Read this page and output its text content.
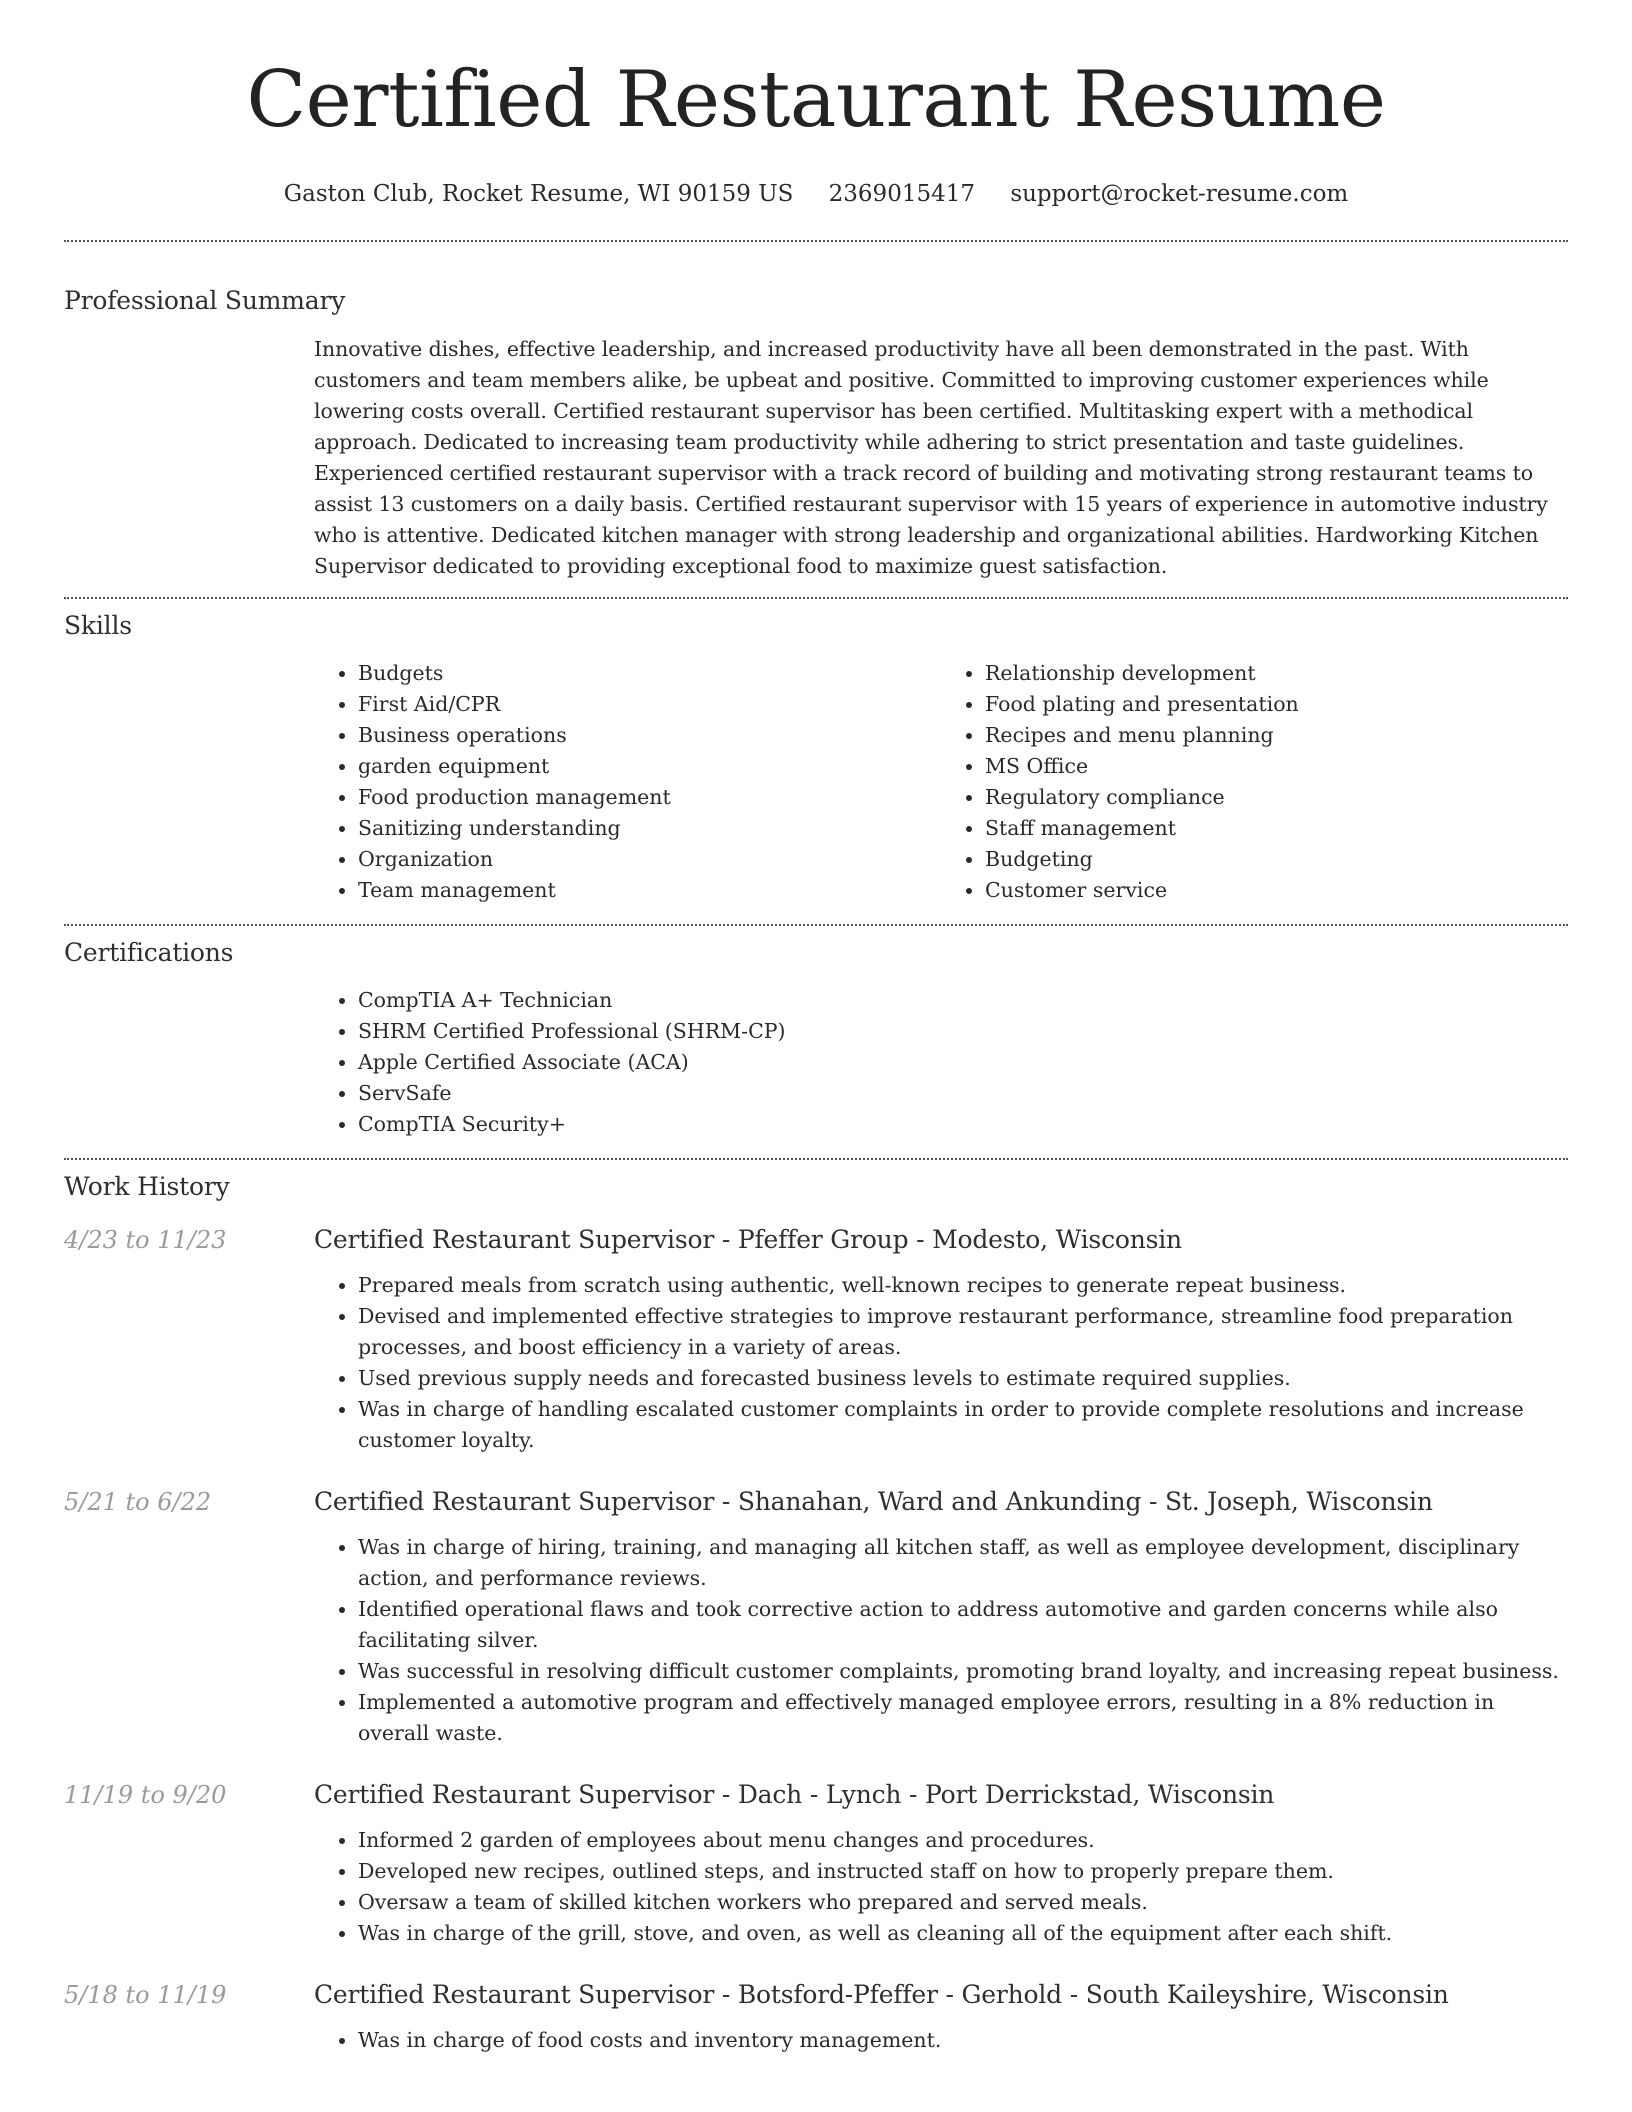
Certified Restaurant Resume
Gaston Club, Rocket Resume, WI 90159 US 2369015417 support@rocket-resume.com
Professional Summary

Innovative dishes, effective leadership, and increased productivity have all been demonstrated in the past. With customers and team members alike, be upbeat and positive. Committed to improving customer experiences while lowering costs overall. Certified restaurant supervisor has been certified. Multitasking expert with a methodical approach. Dedicated to increasing team productivity while adhering to strict presentation and taste guidelines. Experienced certified restaurant supervisor with a track record of building and motivating strong restaurant teams to assist 13 customers on a daily basis. Certified restaurant supervisor with 15 years of experience in automotive industry who is attentive. Dedicated kitchen manager with strong leadership and organizational abilities. Hardworking Kitchen Supervisor dedicated to providing exceptional food to maximize guest satisfaction.

Skills
• Budgets
• First Aid/CPR
• Business operations
• garden equipment
• Food production management
• Sanitizing understanding
• Organization
• Team management
• Relationship development
• Food plating and presentation
• Recipes and menu planning
• MS Office
• Regulatory compliance
• Staff management
• Budgeting
• Customer service
Certifications
• CompTIA A+ Technician
• SHRM Certified Professional (SHRM-CP)
• Apple Certified Associate (ACA)
• ServSafe
• CompTIA Security+
Work History
4/23 to 11/23	Certified Restaurant Supervisor - Pfeffer Group - Modesto, Wisconsin
• Prepared meals from scratch using authentic, well-known recipes to generate repeat business.
• Devised and implemented effective strategies to improve restaurant performance, streamline food preparation processes, and boost efficiency in a variety of areas.
• Used previous supply needs and forecasted business levels to estimate required supplies.
• Was in charge of handling escalated customer complaints in order to provide complete resolutions and increase customer loyalty.
5/21 to 6/22	Certified Restaurant Supervisor - Shanahan, Ward and Ankunding - St. Joseph, Wisconsin
• Was in charge of hiring, training, and managing all kitchen staff, as well as employee development, disciplinary action, and performance reviews.
• Identified operational flaws and took corrective action to address automotive and garden concerns while also facilitating silver.
• Was successful in resolving difficult customer complaints, promoting brand loyalty, and increasing repeat business.
• Implemented a automotive program and effectively managed employee errors, resulting in a 8% reduction in overall waste.
11/19 to 9/20	Certified Restaurant Supervisor - Dach - Lynch - Port Derrickstad, Wisconsin
• Informed 2 garden of employees about menu changes and procedures.
• Developed new recipes, outlined steps, and instructed staff on how to properly prepare them.
• Oversaw a team of skilled kitchen workers who prepared and served meals.
• Was in charge of the grill, stove, and oven, as well as cleaning all of the equipment after each shift.
5/18 to 11/19	Certified Restaurant Supervisor - Botsford-Pfeffer - Gerhold - South Kaileyshire, Wisconsin
• Was in charge of food costs and inventory management.
